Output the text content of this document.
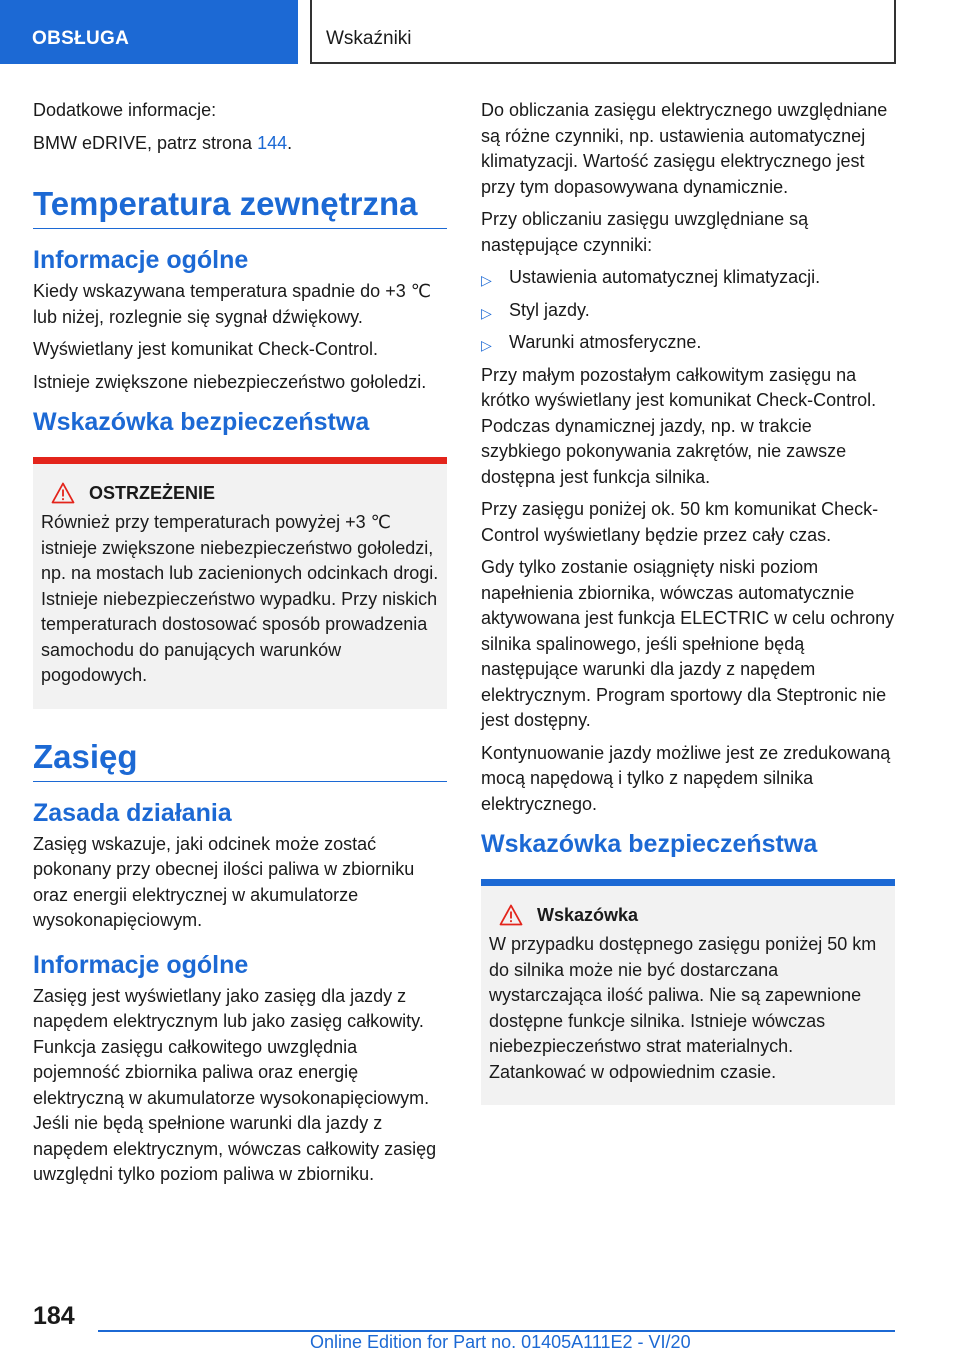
OBSŁUGA	Wskaźniki

Dodatkowe informacje:

BMW eDRIVE, patrz strona 144.

Temperatura zewnętrzna
Informacje ogólne

Kiedy wskazywana temperatura spadnie do +3 ℃ lub niżej, rozlegnie się sygnał dźwiękowy.

Wyświetlany jest komunikat Check-Control.

Istnieje zwiększone niebezpieczeństwo gołoledzi.

Wskazówka bezpieczeństwa
OSTRZEŻENIE

Również przy temperaturach powyżej +3 ℃ istnieje zwiększone niebezpieczeństwo gołoledzi, np. na mostach lub zacienionych odcinkach drogi. Istnieje niebezpieczeństwo wypadku. Przy niskich temperaturach dostosować sposób prowadzenia samochodu do panujących warunków pogodowych.

Zasięg
Zasada działania

Zasięg wskazuje, jaki odcinek może zostać pokonany przy obecnej ilości paliwa w zbiorniku oraz energii elektrycznej w akumulatorze wysokonapięciowym.

Informacje ogólne

Zasięg jest wyświetlany jako zasięg dla jazdy z napędem elektrycznym lub jako zasięg całkowity. Funkcja zasięgu całkowitego uwzględnia pojemność zbiornika paliwa oraz energię elektryczną w akumulatorze wysokonapięciowym. Jeśli nie będą spełnione warunki dla jazdy z napędem elektrycznym, wówczas całkowity zasięg uwzględni tylko poziom paliwa w zbiorniku.

Do obliczania zasięgu elektrycznego uwzględniane są różne czynniki, np. ustawienia automatycznej klimatyzacji. Wartość zasięgu elektrycznego jest przy tym dopasowywana dynamicznie.

Przy obliczaniu zasięgu uwzględniane są następujące czynniki:

▷ Ustawienia automatycznej klimatyzacji.
▷ Styl jazdy.
▷ Warunki atmosferyczne.

Przy małym pozostałym całkowitym zasięgu na krótko wyświetlany jest komunikat Check-Control. Podczas dynamicznej jazdy, np. w trakcie szybkiego pokonywania zakrętów, nie zawsze dostępna jest funkcja silnika.

Przy zasięgu poniżej ok. 50 km komunikat Check-Control wyświetlany będzie przez cały czas.

Gdy tylko zostanie osiągnięty niski poziom napełnienia zbiornika, wówczas automatycznie aktywowana jest funkcja ELECTRIC w celu ochrony silnika spalinowego, jeśli spełnione będą następujące warunki dla jazdy z napędem elektrycznym. Program sportowy dla Steptronic nie jest dostępny.

Kontynuowanie jazdy możliwe jest ze zredukowaną mocą napędową i tylko z napędem silnika elektrycznego.

Wskazówka bezpieczeństwa
Wskazówka

W przypadku dostępnego zasięgu poniżej 50 km do silnika może nie być dostarczana wystarczająca ilość paliwa. Nie są zapewnione dostępne funkcje silnika. Istnieje wówczas niebezpieczeństwo strat materialnych. Zatankować w odpowiednim czasie.

184
Online Edition for Part no. 01405A111E2 - VI/20
